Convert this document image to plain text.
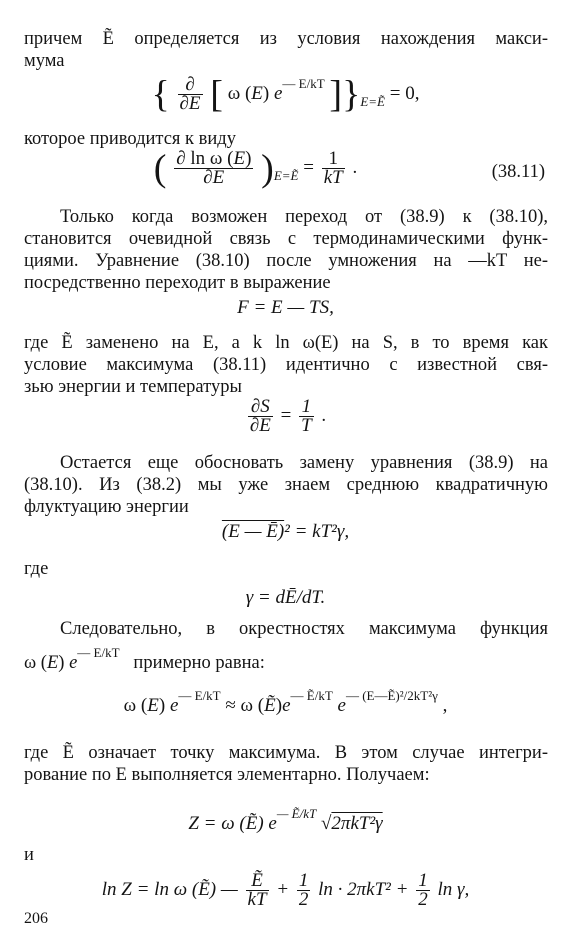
причем Ẽ определяется из условия нахождения макси-
мума
{ $\frac{\partial}{\partial E}$ [ ω (E) $e^{— E/kT}$ ]}$_{E=Ẽ} = 0$,
которое приводится к виду
( $\frac{\text{∂ ln ω (E)}}{\partial E} )_{E=Ẽ} = \frac{1}{kT}$ .	(38.11)
Только когда возможен переход от (38.9) к (38.10),
становится очевидной связь с термодинамическими функ-
циями. Уравнение (38.10) после умножения на —kT не-
посредственно переходит в выражение
F = E — TS,
где Ẽ заменено на E, а k ln ω(E) на S, в то время как
условие максимума (38.11) идентично с известной свя-
зью энергии и температуры
$\frac{\partial S}{\partial E} = \frac{1}{T}$ .
Остается еще обосновать замену уравнения (38.9) на
(38.10). Из (38.2) мы уже знаем среднюю квадратичную
флуктуацию энергии
(E — Ē)² = kT²γ,
где
γ = dĒ/dT.
Следовательно, в окрестностях максимума функция
ω (E) $e^{— E/kT}$   примерно равна:
ω (E) $e^{— E/kT} \approx \omega$ $(Ẽ)e^{— Ẽ/kT}$ $e^{— (E—Ẽ)^2/2kT^2\gamma}$ ,
где Ẽ означает точку максимума. В этом случае интегри-
рование по E выполняется элементарно. Получаем:
Z = ω (Ẽ) $e^{— Ẽ/kT}$ √2πkT²γ
и
ln Z = ln ω (Ẽ) — $\frac{\text{Ẽ}}{kT} + \frac{1}{2}$ $\ln \cdot 2\pi kT^2 + \frac{1}{2}$ ln γ,
206
